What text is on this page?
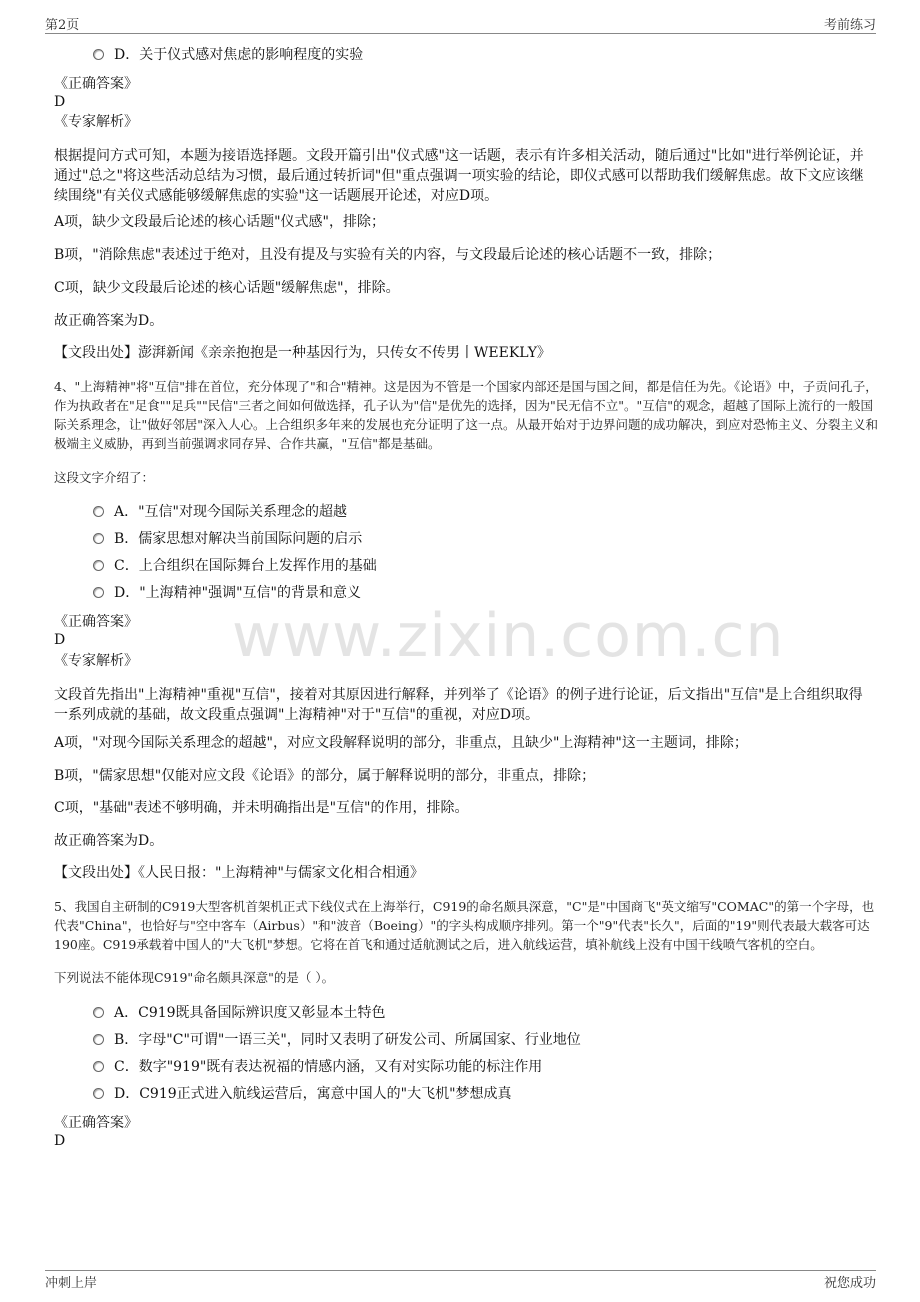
第2页	考前练习
www.zixin.com.cn
D．关于仪式感对焦虑的影响程度的实验
《正确答案》
D
《专家解析》
根据提问方式可知，本题为接语选择题。文段开篇引出"仪式感"这一话题，表示有许多相关活动，随后通过"比如"进行举例论证，并通过"总之"将这些活动总结为习惯，最后通过转折词"但"重点强调一项实验的结论，即仪式感可以帮助我们缓解焦虑。故下文应该继续围绕"有关仪式感能够缓解焦虑的实验"这一话题展开论述，对应D项。
A项，缺少文段最后论述的核心话题"仪式感"，排除；
B项，"消除焦虑"表述过于绝对，且没有提及与实验有关的内容，与文段最后论述的核心话题不一致，排除；
C项，缺少文段最后论述的核心话题"缓解焦虑"，排除。
故正确答案为D。
【文段出处】澎湃新闻《亲亲抱抱是一种基因行为，只传女不传男丨WEEKLY》
4、"上海精神"将"互信"排在首位，充分体现了"和合"精神。这是因为不管是一个国家内部还是国与国之间，都是信任为先。《论语》中，子贡问孔子，作为执政者在"足食""足兵""民信"三者之间如何做选择，孔子认为"信"是优先的选择，因为"民无信不立"。"互信"的观念，超越了国际上流行的一般国际关系理念，让"做好邻居"深入人心。上合组织多年来的发展也充分证明了这一点。从最开始对于边界问题的成功解决，到应对恐怖主义、分裂主义和极端主义威胁，再到当前强调求同存异、合作共赢，"互信"都是基础。
这段文字介绍了：
A．"互信"对现今国际关系理念的超越
B．儒家思想对解决当前国际问题的启示
C．上合组织在国际舞台上发挥作用的基础
D．"上海精神"强调"互信"的背景和意义
《正确答案》
D
《专家解析》
文段首先指出"上海精神"重视"互信"，接着对其原因进行解释，并列举了《论语》的例子进行论证，后文指出"互信"是上合组织取得一系列成就的基础，故文段重点强调"上海精神"对于"互信"的重视，对应D项。
A项，"对现今国际关系理念的超越"，对应文段解释说明的部分，非重点，且缺少"上海精神"这一主题词，排除；
B项，"儒家思想"仅能对应文段《论语》的部分，属于解释说明的部分，非重点，排除；
C项，"基础"表述不够明确，并未明确指出是"互信"的作用，排除。
故正确答案为D。
【文段出处】《人民日报："上海精神"与儒家文化相合相通》
5、我国自主研制的C919大型客机首架机正式下线仪式在上海举行，C919的命名颇具深意，"C"是"中国商飞"英文缩写"COMAC"的第一个字母，也代表"China"，也恰好与"空中客车（Airbus）"和"波音（Boeing）"的字头构成顺序排列。第一个"9"代表"长久"，后面的"19"则代表最大载客可达190座。C919承载着中国人的"大飞机"梦想。它将在首飞和通过适航测试之后，进入航线运营，填补航线上没有中国干线喷气客机的空白。
下列说法不能体现C919"命名颇具深意"的是（ ）。
A．C919既具备国际辨识度又彰显本土特色
B．字母"C"可谓"一语三关"，同时又表明了研发公司、所属国家、行业地位
C．数字"919"既有表达祝福的情感内涵，又有对实际功能的标注作用
D．C919正式进入航线运营后，寓意中国人的"大飞机"梦想成真
《正确答案》
D
冲刺上岸	祝您成功
